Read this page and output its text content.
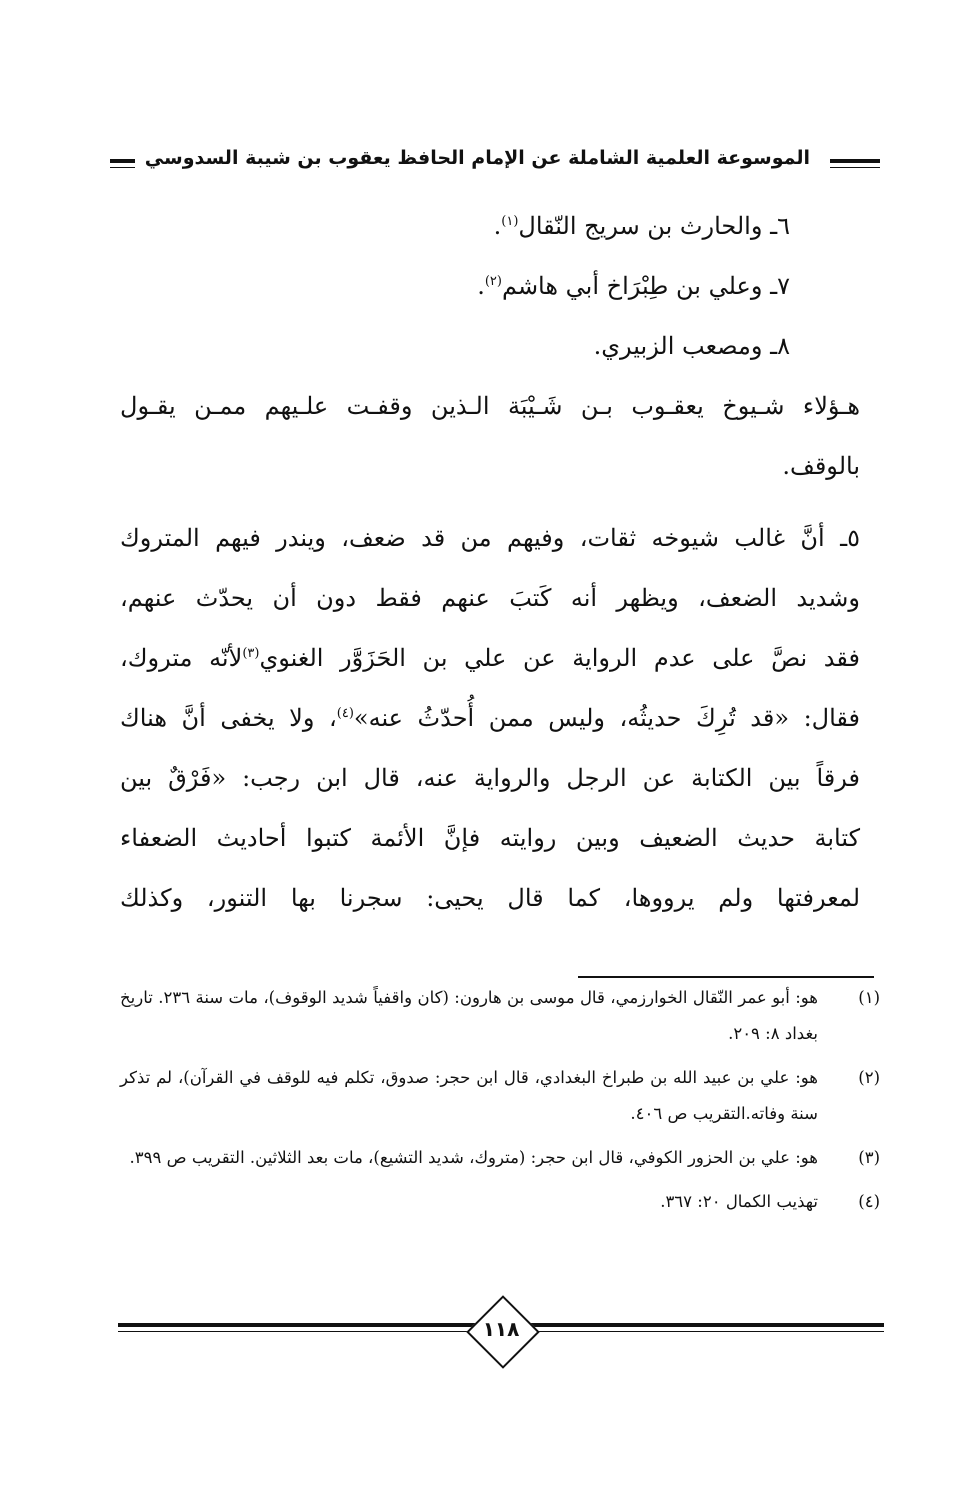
الموسوعة العلمية الشاملة عن الإمام الحافظ يعقوب بن شيبة السدوسي
٦ـ والحارث بن سريج النّقال$^{(١)}$.
٧ـ وعلي بن طِبْرَاخ أبي هاشم$^{(٢)}$.
٨ـ ومصعب الزبيري.
هـؤلاء شـيوخ يعقـوب بـن شَـيْبَة الـذين وقفـت علـيهم ممـن يقـول
بالوقف.
٥ـ أنَّ غالب شيوخه ثقات، وفيهم من قد ضعف، ويندر فيهم المتروك
وشديد الضعف، ويظهر أنه كَتبَ عنهم فقط دون أن يحدّث عنهم،
فقد نصَّ على عدم الرواية عن علي بن الحَزَوَّر الغنوي$^{(٣)}$لأنّه متروك،
فقال: «قد تُرِكَ حديثُه، وليس ممن أُحدّثُ عنه»$^{(٤)}$، ولا يخفى أنَّ هناك
فرقاً بين الكتابة عن الرجل والرواية عنه، قال ابن رجب: «فَرْقٌ بين
كتابة حديث الضعيف وبين روايته فإنَّ الأئمة كتبوا أحاديث الضعفاء
لمعرفتها ولم يرووها، كما قال يحيى: سجرنا بها التنور، وكذلك
(١)
هو: أبو عمر النّقال الخوارزمي، قال موسى بن هارون: (كان واقفياً شديد الوقوف)، مات سنة ٢٣٦. تاريخ بغداد ٨: ٢٠٩.
(٢)
هو: علي بن عبيد الله بن طبراخ البغدادي، قال ابن حجر: صدوق، تكلم فيه للوقف في القرآن)، لم تذكر سنة وفاته.التقريب ص ٤٠٦.
(٣)
هو: علي بن الحزور الكوفي، قال ابن حجر: (متروك، شديد التشيع)، مات بعد الثلاثين. التقريب ص ٣٩٩.
(٤)
تهذيب الكمال ٢٠: ٣٦٧.
١١٨
